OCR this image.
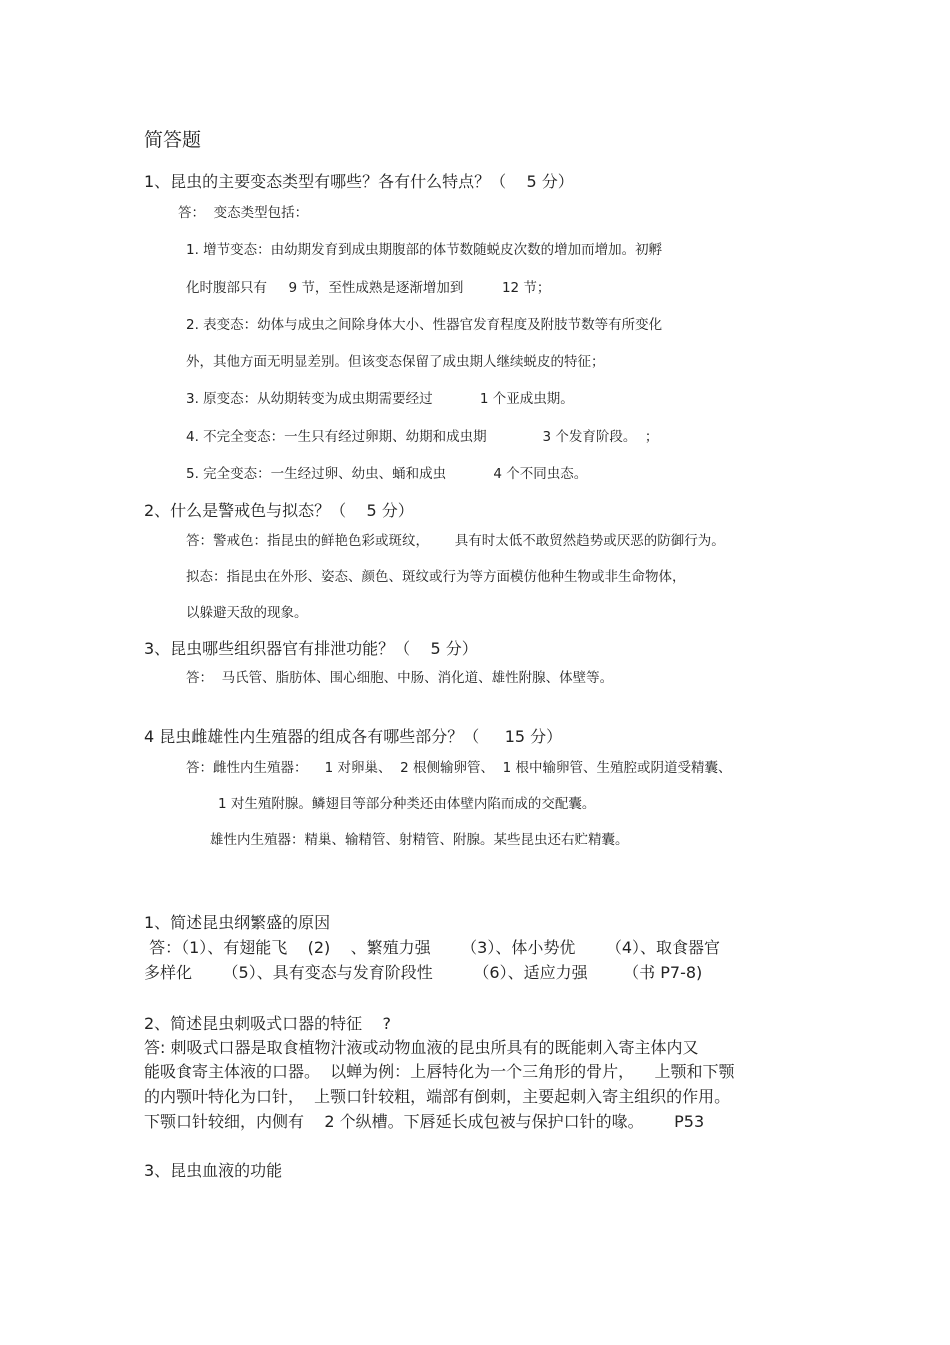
简答题
1、昆虫的主要变态类型有哪些？各有什么特点？（    5 分）
答：  变态类型包括：
1. 增节变态：由幼期发育到成虫期腹部的体节数随蜕皮次数的增加而增加。初孵
化时腹部只有     9 节，至性成熟是逐渐增加到         12 节；
2. 表变态：幼体与成虫之间除身体大小、性器官发育程度及附肢节数等有所变化
外，其他方面无明显差别。但该变态保留了成虫期人继续蜕皮的特征；
3. 原变态：从幼期转变为成虫期需要经过           1 个亚成虫期。
4. 不完全变态：一生只有经过卵期、幼期和成虫期             3 个发育阶段。  ；
5. 完全变态：一生经过卵、幼虫、蛹和成虫           4 个不同虫态。
2、什么是警戒色与拟态？（    5 分）
答：警戒色：指昆虫的鲜艳色彩或斑纹，      具有时太低不敢贸然趋势或厌恶的防御行为。
拟态：指昆虫在外形、姿态、颜色、斑纹或行为等方面模仿他种生物或非生命物体，
以躲避天敌的现象。
3、昆虫哪些组织器官有排泄功能？（    5 分）
答：  马氏管、脂肪体、围心细胞、中肠、消化道、雄性附腺、体壁等。
4 昆虫雌雄性内生殖器的组成各有哪些部分？（     15 分）
答：雌性内生殖器：    1 对卵巢、  2 根侧输卵管、  1 根中输卵管、生殖腔或阴道受精囊、
1 对生殖附腺。鳞翅目等部分种类还由体壁内陷而成的交配囊。
雄性内生殖器：精巢、输精管、射精管、附腺。某些昆虫还右贮精囊。
1、简述昆虫纲繁盛的原因
答：（1）、有翅能飞    (2)    、繁殖力强      （3）、体小势优      （4）、取食器官
多样化      （5）、具有变态与发育阶段性        （6）、适应力强       （书 P7-8)
2、简述昆虫刺吸式口器的特征    ?
答: 刺吸式口器是取食植物汁液或动物血液的昆虫所具有的既能刺入寄主体内又
能吸食寄主体液的口器。  以蝉为例：上唇特化为一个三角形的骨片，    上颚和下颚
的内颚叶特化为口针，  上颚口针较粗，端部有倒刺，主要起刺入寄主组织的作用。
下颚口针较细，内侧有    2 个纵槽。下唇延长成包被与保护口针的喙。      P53
3、昆虫血液的功能
